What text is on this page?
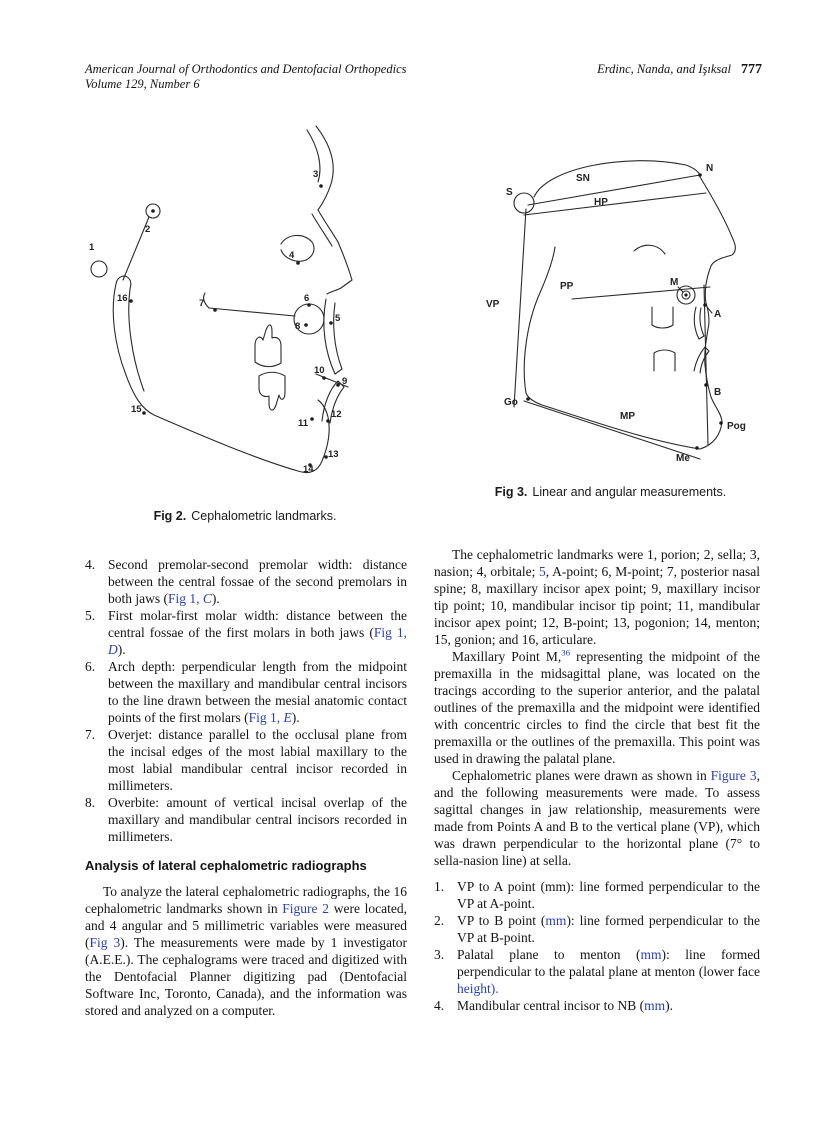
American Journal of Orthodontics and Dentofacial Orthopedics
Volume 129, Number 6
Erdinc, Nanda, and Işıksal 777
1
2
3
4
5
6
7
8
9
10
11
12
13
14
15
16
Fig 2. Cephalometric landmarks.
S
SN
N
HP
PP
VP
M
A
Go
MP
B
Pog
Me
Fig 3. Linear and angular measurements.
4. Second premolar-second premolar width: distance between the central fossae of the second premolars in both jaws (Fig 1, C).
5. First molar-first molar width: distance between the central fossae of the first molars in both jaws (Fig 1, D).
6. Arch depth: perpendicular length from the midpoint between the maxillary and mandibular central incisors to the line drawn between the mesial anatomic contact points of the first molars (Fig 1, E).
7. Overjet: distance parallel to the occlusal plane from the incisal edges of the most labial maxillary to the most labial mandibular central incisor recorded in millimeters.
8. Overbite: amount of vertical incisal overlap of the maxillary and mandibular central incisors recorded in millimeters.
Analysis of lateral cephalometric radiographs

To analyze the lateral cephalometric radiographs, the 16 cephalometric landmarks shown in Figure 2 were located, and 4 angular and 5 millimetric variables were measured (Fig 3). The measurements were made by 1 investigator (A.E.E.). The cephalograms were traced and digitized with the Dentofacial Planner digitizing pad (Dentofacial Software Inc, Toronto, Canada), and the information was stored and analyzed on a computer.

The cephalometric landmarks were 1, porion; 2, sella; 3, nasion; 4, orbitale; 5, A-point; 6, M-point; 7, posterior nasal spine; 8, maxillary incisor apex point; 9, maxillary incisor tip point; 10, mandibular incisor tip point; 11, mandibular incisor apex point; 12, B-point; 13, pogonion; 14, menton; 15, gonion; and 16, articulare.

Maxillary Point M,$^{36}$ representing the midpoint of the premaxilla in the midsagittal plane, was located on the tracings according to the superior anterior, and the palatal outlines of the premaxilla and the midpoint were identified with concentric circles to find the circle that best fit the premaxilla or the outlines of the premaxilla. This point was used in drawing the palatal plane.

Cephalometric planes were drawn as shown in Figure 3, and the following measurements were made. To assess sagittal changes in jaw relationship, measurements were made from Points A and B to the vertical plane (VP), which was drawn perpendicular to the horizontal plane (7° to sella-nasion line) at sella.

1. VP to A point (mm): line formed perpendicular to the VP at A-point.
2. VP to B point (mm): line formed perpendicular to the VP at B-point.
3. Palatal plane to menton (mm): line formed perpendicular to the palatal plane at menton (lower face height).
4. Mandibular central incisor to NB (mm).
